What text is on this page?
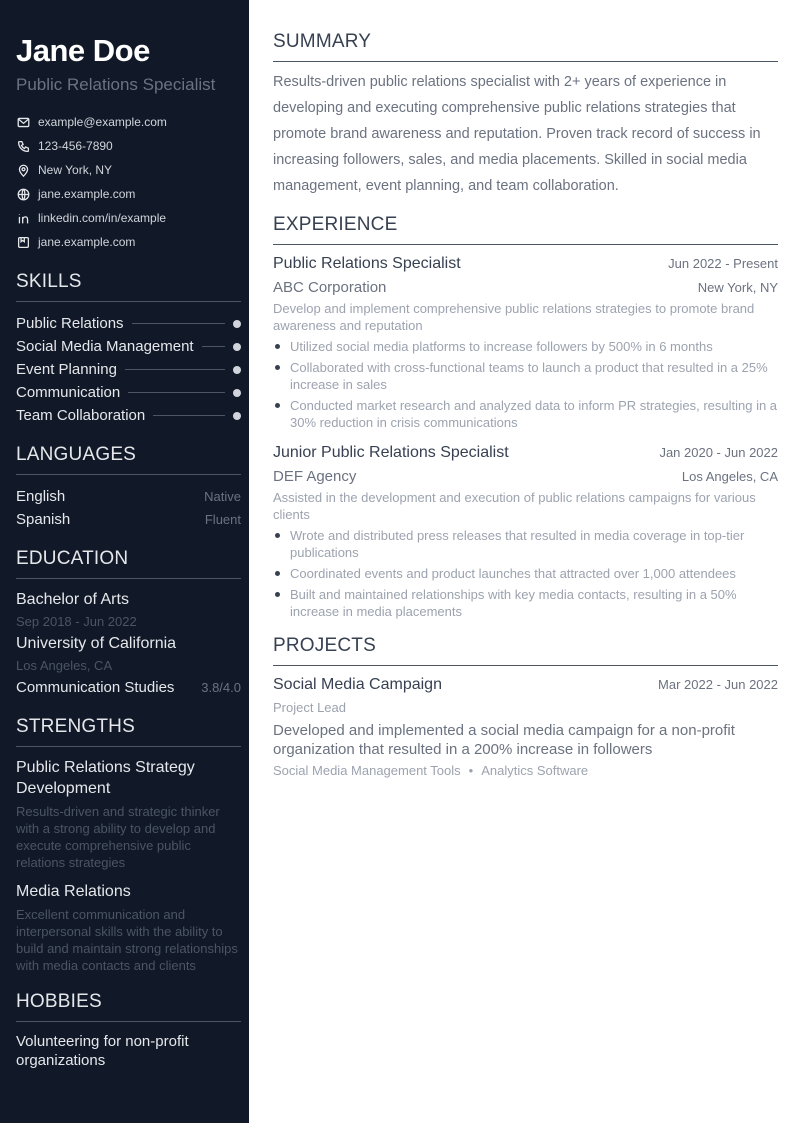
Jane Doe
Public Relations Specialist
example@example.com
123-456-7890
New York, NY
jane.example.com
linkedin.com/in/example
jane.example.com
SKILLS
Public Relations
Social Media Management
Event Planning
Communication
Team Collaboration
LANGUAGES
English	Native
Spanish	Fluent
EDUCATION
Bachelor of Arts
Sep 2018 - Jun 2022
University of California
Los Angeles, CA
Communication Studies 3.8/4.0
STRENGTHS
Public Relations Strategy Development
Results-driven and strategic thinker with a strong ability to develop and execute comprehensive public relations strategies
Media Relations
Excellent communication and interpersonal skills with the ability to build and maintain strong relationships with media contacts and clients
HOBBIES
Volunteering for non-profit organizations
SUMMARY

Results-driven public relations specialist with 2+ years of experience in developing and executing comprehensive public relations strategies that promote brand awareness and reputation. Proven track record of success in increasing followers, sales, and media placements. Skilled in social media management, event planning, and team collaboration.

EXPERIENCE
Public Relations Specialist	Jun 2022 - Present
ABC Corporation	New York, NY
Develop and implement comprehensive public relations strategies to promote brand awareness and reputation
Utilized social media platforms to increase followers by 500% in 6 months
Collaborated with cross-functional teams to launch a product that resulted in a 25% increase in sales
Conducted market research and analyzed data to inform PR strategies, resulting in a 30% reduction in crisis communications
Junior Public Relations Specialist	Jan 2020 - Jun 2022
DEF Agency	Los Angeles, CA
Assisted in the development and execution of public relations campaigns for various clients
Wrote and distributed press releases that resulted in media coverage in top-tier publications
Coordinated events and product launches that attracted over 1,000 attendees
Built and maintained relationships with key media contacts, resulting in a 50% increase in media placements
PROJECTS
Social Media Campaign	Mar 2022 - Jun 2022
Project Lead
Developed and implemented a social media campaign for a non-profit organization that resulted in a 200% increase in followers
Social Media Management Tools • Analytics Software
